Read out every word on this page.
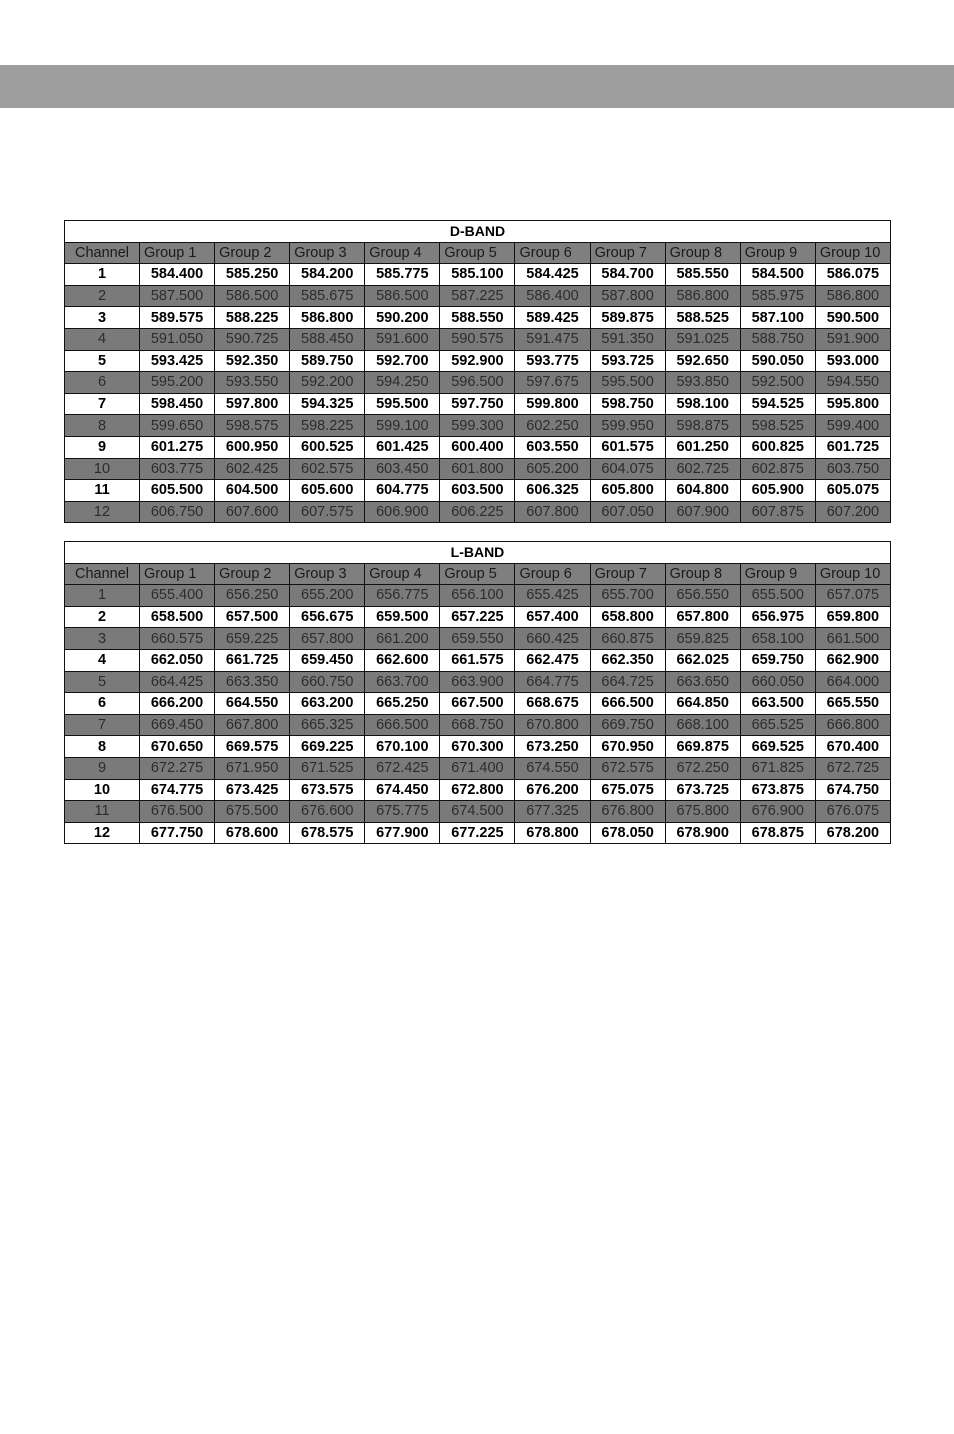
D-BAND										
Channel	Group 1	Group 2	Group 3	Group 4	Group 5	Group 6	Group 7	Group 8	Group 9	Group 10
1	584.400	585.250	584.200	585.775	585.100	584.425	584.700	585.550	584.500	586.075
2	587.500	586.500	585.675	586.500	587.225	586.400	587.800	586.800	585.975	586.800
3	589.575	588.225	586.800	590.200	588.550	589.425	589.875	588.525	587.100	590.500
4	591.050	590.725	588.450	591.600	590.575	591.475	591.350	591.025	588.750	591.900
5	593.425	592.350	589.750	592.700	592.900	593.775	593.725	592.650	590.050	593.000
6	595.200	593.550	592.200	594.250	596.500	597.675	595.500	593.850	592.500	594.550
7	598.450	597.800	594.325	595.500	597.750	599.800	598.750	598.100	594.525	595.800
8	599.650	598.575	598.225	599.100	599.300	602.250	599.950	598.875	598.525	599.400
9	601.275	600.950	600.525	601.425	600.400	603.550	601.575	601.250	600.825	601.725
10	603.775	602.425	602.575	603.450	601.800	605.200	604.075	602.725	602.875	603.750
11	605.500	604.500	605.600	604.775	603.500	606.325	605.800	604.800	605.900	605.075
12	606.750	607.600	607.575	606.900	606.225	607.800	607.050	607.900	607.875	607.200
L-BAND										
Channel	Group 1	Group 2	Group 3	Group 4	Group 5	Group 6	Group 7	Group 8	Group 9	Group 10
1	655.400	656.250	655.200	656.775	656.100	655.425	655.700	656.550	655.500	657.075
2	658.500	657.500	656.675	659.500	657.225	657.400	658.800	657.800	656.975	659.800
3	660.575	659.225	657.800	661.200	659.550	660.425	660.875	659.825	658.100	661.500
4	662.050	661.725	659.450	662.600	661.575	662.475	662.350	662.025	659.750	662.900
5	664.425	663.350	660.750	663.700	663.900	664.775	664.725	663.650	660.050	664.000
6	666.200	664.550	663.200	665.250	667.500	668.675	666.500	664.850	663.500	665.550
7	669.450	667.800	665.325	666.500	668.750	670.800	669.750	668.100	665.525	666.800
8	670.650	669.575	669.225	670.100	670.300	673.250	670.950	669.875	669.525	670.400
9	672.275	671.950	671.525	672.425	671.400	674.550	672.575	672.250	671.825	672.725
10	674.775	673.425	673.575	674.450	672.800	676.200	675.075	673.725	673.875	674.750
11	676.500	675.500	676.600	675.775	674.500	677.325	676.800	675.800	676.900	676.075
12	677.750	678.600	678.575	677.900	677.225	678.800	678.050	678.900	678.875	678.200
